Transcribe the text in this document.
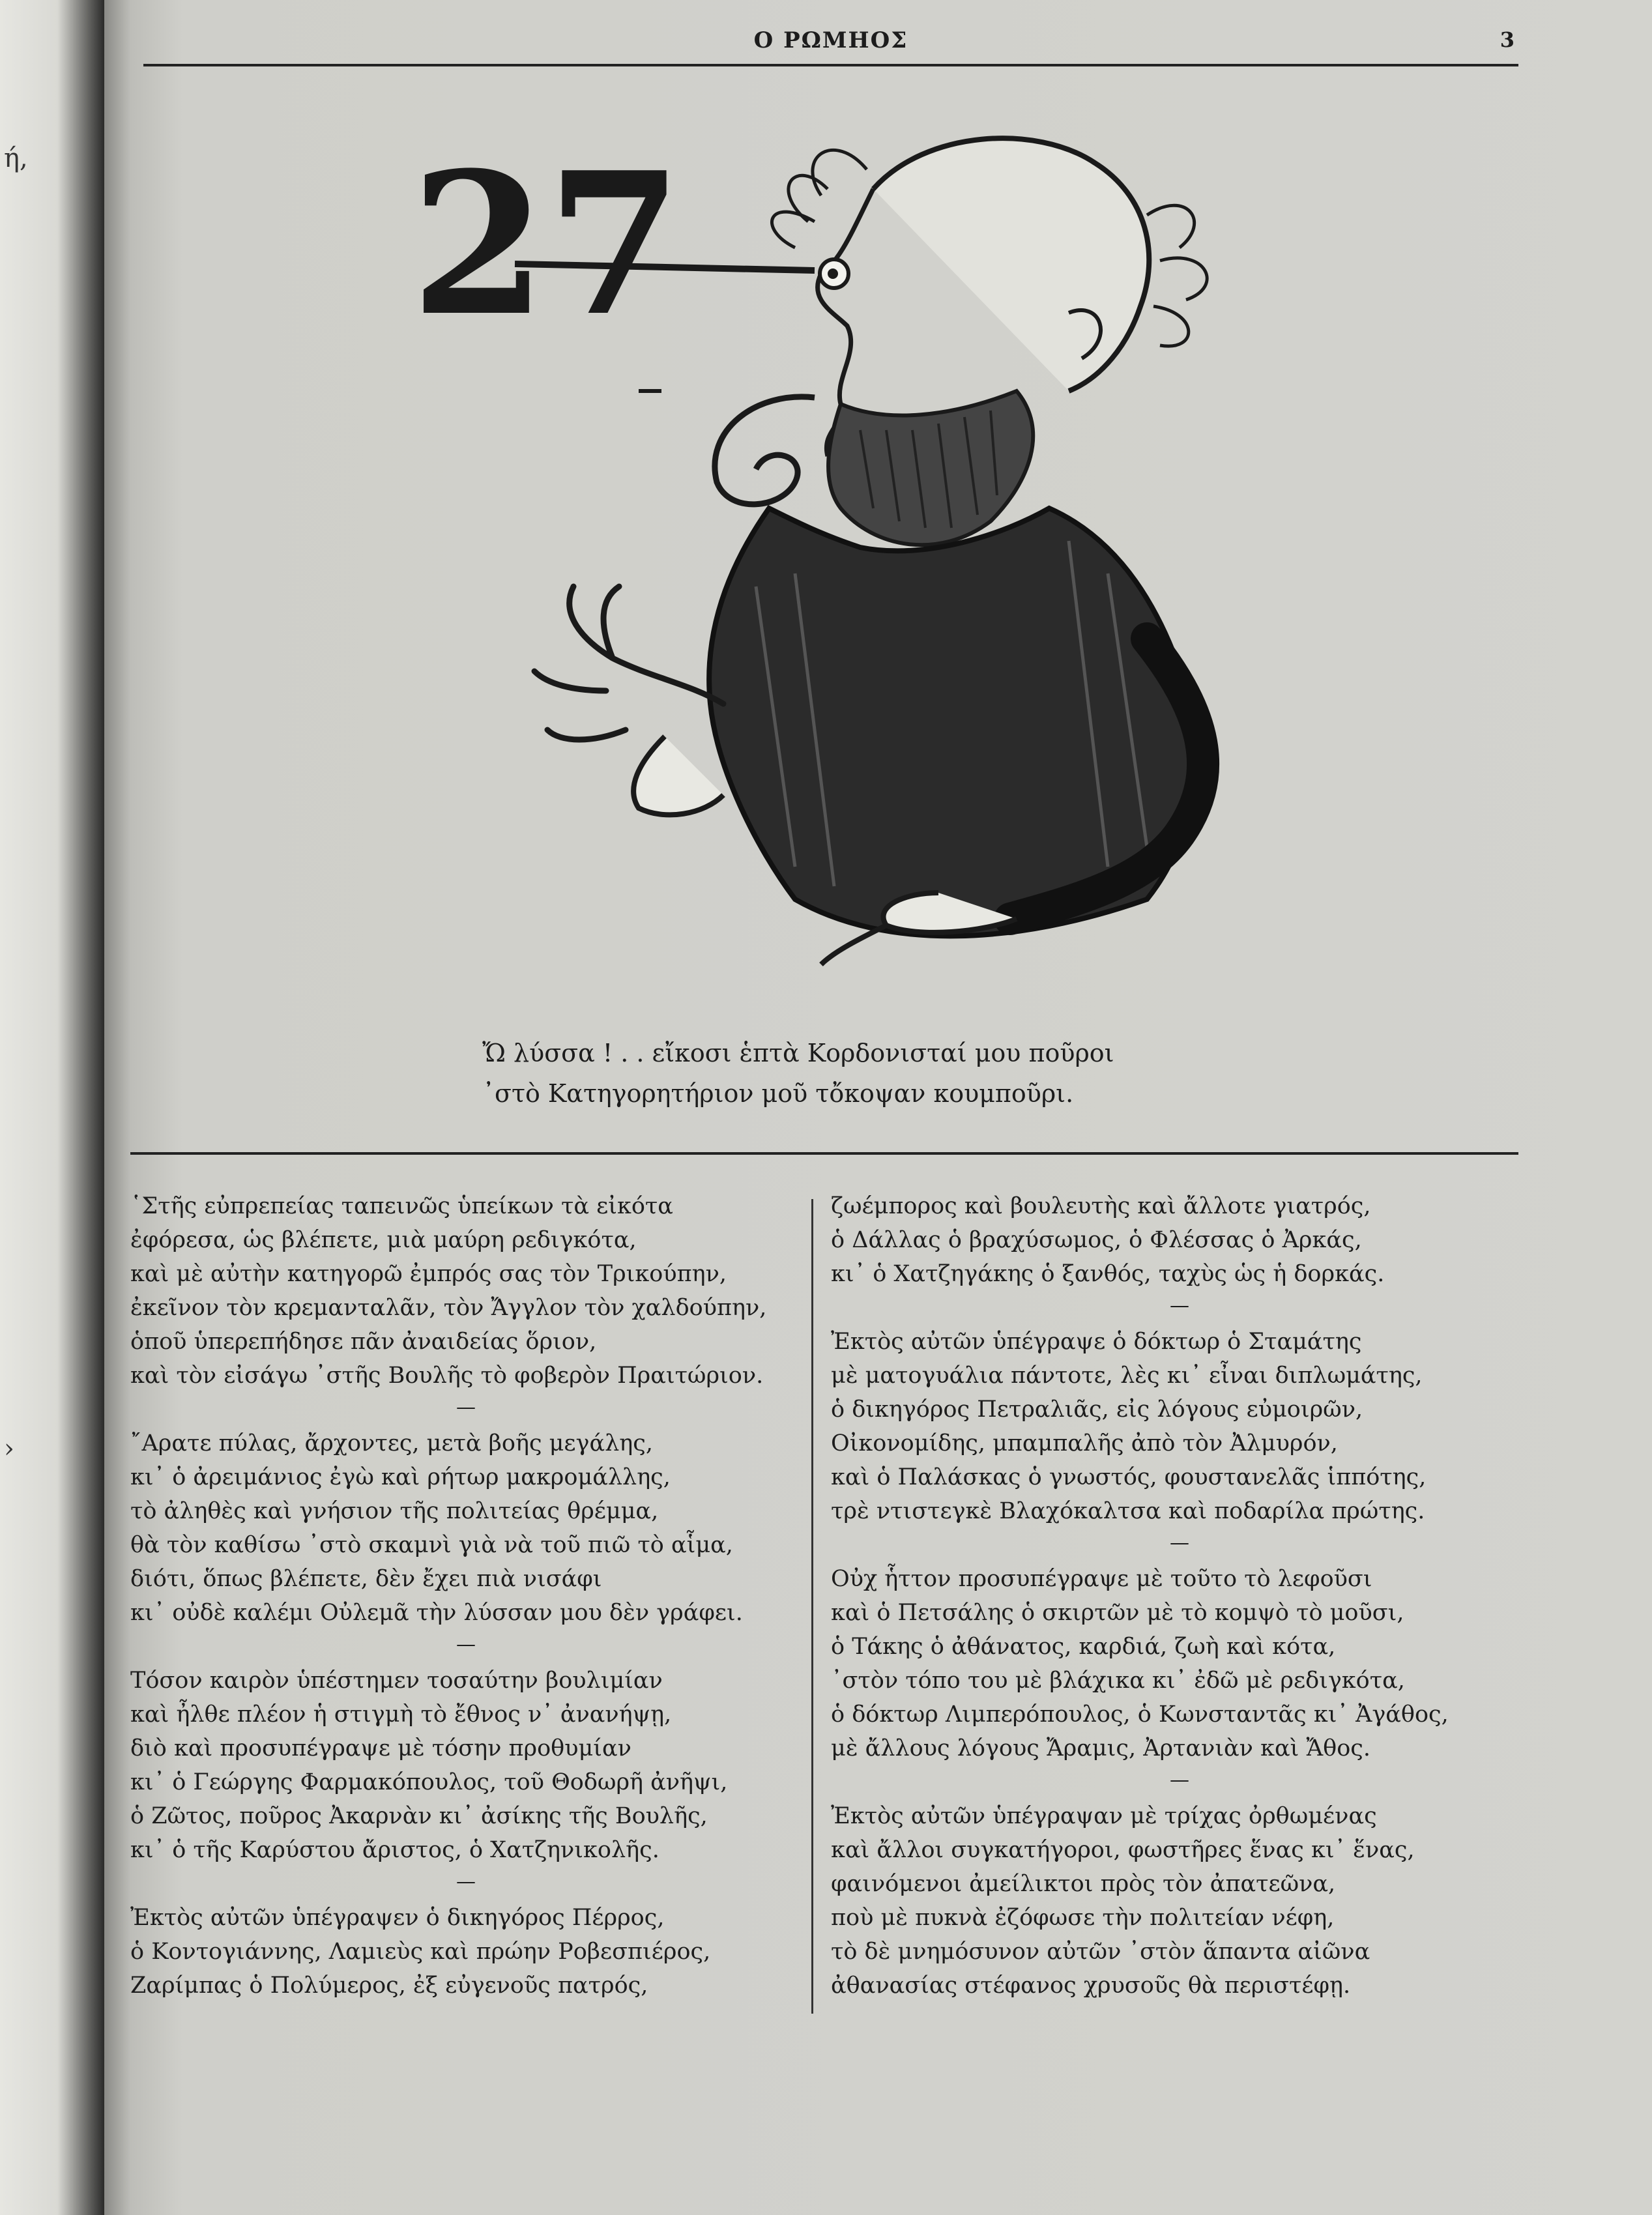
ή,
›
Ο ΡΩΜΗΟΣ	3
27
Ὤ λύσσα ! . . εἴκοσι ἑπτὰ Κορδονισταί μου ποῦροι
᾿στὸ Κατηγορητήριον μοῦ τὄκοψαν κουμποῦρι.
῾Στῆς εὐπρεπείας ταπεινῶς ὑπείκων τὰ εἰκότα
ἐφόρεσα, ὡς βλέπετε, μιὰ μαύρη ρεδιγκότα,
καὶ μὲ αὐτὴν κατηγορῶ ἐμπρός σας τὸν Τρικούπην,
ἐκεῖνον τὸν κρεμανταλᾶν, τὸν Ἄγγλον τὸν χαλδούπην,
ὁποῦ ὑπερεπήδησε πᾶν ἀναιδείας ὅριον,
καὶ τὸν εἰσάγω ᾿στῆς Βουλῆς τὸ φοβερὸν Πραιτώριον.
—
῎Αρατε πύλας, ἄρχοντες, μετὰ βοῆς μεγάλης,
κι᾽ ὁ ἀρειμάνιος ἐγὼ καὶ ρήτωρ μακρομάλλης,
τὸ ἀληθὲς καὶ γνήσιον τῆς πολιτείας θρέμμα,
θὰ τὸν καθίσω ᾿στὸ σκαμνὶ γιὰ νὰ τοῦ πιῶ τὸ αἷμα,
διότι, ὅπως βλέπετε, δὲν ἔχει πιὰ νισάφι
κι᾽ οὐδὲ καλέμι Οὐλεμᾶ τὴν λύσσαν μου δὲν γράφει.
—
Τόσον καιρὸν ὑπέστημεν τοσαύτην βουλιμίαν
καὶ ἦλθε πλέον ἡ στιγμὴ τὸ ἔθνος ν᾽ ἀνανήψῃ,
διὸ καὶ προσυπέγραψε μὲ τόσην προθυμίαν
κι᾽ ὁ Γεώργης Φαρμακόπουλος, τοῦ Θοδωρῆ ἀνῆψι,
ὁ Ζῶτος, ποῦρος Ἀκαρνὰν κι᾽ ἀσίκης τῆς Βουλῆς,
κι᾽ ὁ τῆς Καρύστου ἄριστος, ὁ Χατζηνικολῆς.
—
Ἐκτὸς αὐτῶν ὑπέγραψεν ὁ δικηγόρος Πέρρος,
ὁ Κοντογιάννης, Λαμιεὺς καὶ πρώην Ροβεσπιέρος,
Ζαρίμπας ὁ Πολύμερος, ἐξ εὐγενοῦς πατρός,
ζωέμπορος καὶ βουλευτὴς καὶ ἄλλοτε γιατρός,
ὁ Δάλλας ὁ βραχύσωμος, ὁ Φλέσσας ὁ Ἀρκάς,
κι᾽ ὁ Χατζηγάκης ὁ ξανθός, ταχὺς ὡς ἡ δορκάς.
—
Ἐκτὸς αὐτῶν ὑπέγραψε ὁ δόκτωρ ὁ Σταμάτης
μὲ ματογυάλια πάντοτε, λὲς κι᾽ εἶναι διπλωμάτης,
ὁ δικηγόρος Πετραλιᾶς, εἰς λόγους εὐμοιρῶν,
Οἰκονομίδης, μπαμπαλῆς ἀπὸ τὸν Ἀλμυρόν,
καὶ ὁ Παλάσκας ὁ γνωστός, φουστανελᾶς ἱππότης,
τρὲ ντιστεγκὲ Βλαχόκαλτσα καὶ ποδαρίλα πρώτης.
—
Οὐχ ἧττον προσυπέγραψε μὲ τοῦτο τὸ λεφοῦσι
καὶ ὁ Πετσάλης ὁ σκιρτῶν μὲ τὸ κομψὸ τὸ μοῦσι,
ὁ Τάκης ὁ ἀθάνατος, καρδιά, ζωὴ καὶ κότα,
᾿στὸν τόπο του μὲ βλάχικα κι᾽ ἐδῶ μὲ ρεδιγκότα,
ὁ δόκτωρ Λιμπερόπουλος, ὁ Κωνσταντᾶς κι᾽ Ἀγάθος,
μὲ ἄλλους λόγους Ἄραμις, Ἀρτανιὰν καὶ Ἄθος.
—
Ἐκτὸς αὐτῶν ὑπέγραψαν μὲ τρίχας ὀρθωμένας
καὶ ἄλλοι συγκατήγοροι, φωστῆρες ἕνας κι᾽ ἕνας,
φαινόμενοι ἀμείλικτοι πρὸς τὸν ἀπατεῶνα,
ποὺ μὲ πυκνὰ ἐζόφωσε τὴν πολιτείαν νέφη,
τὸ δὲ μνημόσυνον αὐτῶν ᾿στὸν ἅπαντα αἰῶνα
ἀθανασίας στέφανος χρυσοῦς θὰ περιστέφῃ.
